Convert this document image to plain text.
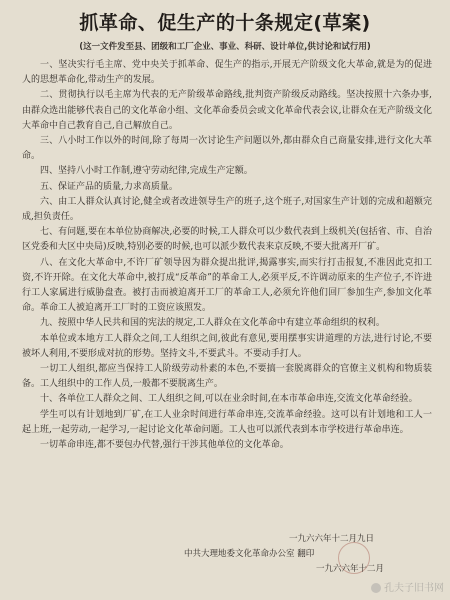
抓革命、促生产的十条规定(草案)
(这一文件发至县、团级和工厂企业、事业、科研、设计单位,供讨论和试行用)

一、坚决实行毛主席、党中央关于抓革命、促生产的指示,开展无产阶级文化大革命,就是为的促进人的思想革命化,带动生产的发展。

二、贯彻执行以毛主席为代表的无产阶级革命路线,批判资产阶级反动路线。坚决按照十六条办事,由群众选出能够代表自己的文化革命小组、文化革命委员会或文化革命代表会议,让群众在无产阶级文化大革命中自己教育自己,自己解放自己。

三、八小时工作以外的时间,除了每周一次讨论生产问题以外,都由群众自己商量安排,进行文化大革命。

四、坚持八小时工作制,遵守劳动纪律,完成生产定额。

五、保证产品的质量,力求高质量。

六、由工人群众认真讨论,健全或者改进领导生产的班子,这个班子,对国家生产计划的完成和超额完成,担负责任。

七、有问题,要在本单位协商解决,必要的时候,工人群众可以少数代表到上级机关(包括省、市、自治区党委和大区中央局)反映,特别必要的时候,也可以派少数代表来京反映,不要大批离开厂矿。

八、在文化大革命中,不许厂矿领导因为群众提出批评,揭露事实,而实行打击报复,不准因此克扣工资,不许开除。在文化大革命中,被打成“反革命”的革命工人,必须平反,不许调动原来的生产位子,不许进行工人家属进行威胁盘查。被打击而被迫离开工厂的革命工人,必须允许他们回厂参加生产,参加文化革命。革命工人被迫离开工厂时的工资应该照发。

九、按照中华人民共和国的宪法的规定,工人群众在文化革命中有建立革命组织的权利。

本单位或本地方工人群众之间,工人组织之间,彼此有意见,要用摆事实讲道理的方法,进行讨论,不要被坏人利用,不要形成对抗的形势。坚持文斗,不要武斗。不要动手打人。

一切工人组织,都应当保持工人阶级劳动朴素的本色,不要搞一套脱离群众的官僚主义机构和物质装备。工人组织中的工作人员,一般都不要脱离生产。

十、各单位工人群众之间、工人组织之间,可以在业余时间,在本市革命串连,交流文化革命经验。

学生可以有计划地到厂矿,在工人业余时间进行革命串连,交流革命经验。这可以有计划地和工人一起上班,一起劳动,一起学习,一起讨论文化革命问题。工人也可以派代表到本市学校进行革命串连。

一切革命串连,都不要包办代替,强行干涉其他单位的文化革命。

一九六六年十二月九日
中共大理地委文化革命办公室 翻印
一九六六年十二月
孔夫子旧书网
